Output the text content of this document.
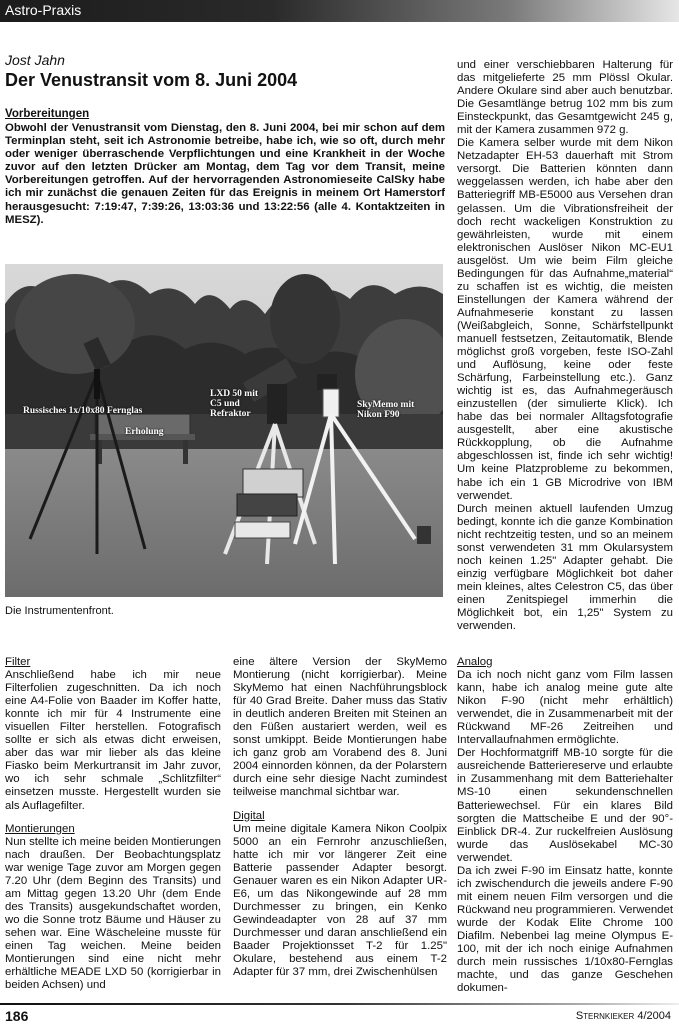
Astro-Praxis
Jost Jahn
Der Venustransit vom 8. Juni 2004
Vorbereitungen

Obwohl der Venustransit vom Dienstag, den 8. Juni 2004, bei mir schon auf dem Terminplan steht, seit ich Astronomie betreibe, habe ich, wie so oft, durch mehr oder weniger überraschende Verpflichtungen und eine Krankheit in der Woche zuvor auf den letzten Drücker am Montag, dem Tag vor dem Transit, meine Vorbereitungen getroffen. Auf der hervorragenden Astronomieseite CalSky habe ich mir zunächst die genauen Zeiten für das Ereignis in meinem Ort Hamerstorf herausgesucht: 7:19:47, 7:39:26, 13:03:36 und 13:22:56 (alle 4. Kontaktzeiten in MESZ).

Russisches 1x/10x80 Fernglas
Erholung
LXD 50 mit C5 und Refraktor
SkyMemo mit Nikon F90
Die Instrumentenfront.

und einer verschiebbaren Halterung für das mitgelieferte 25 mm Plössl Okular. Andere Okulare sind aber auch benutzbar. Die Gesamtlänge betrug 102 mm bis zum Einsteckpunkt, das Gesamtgewicht 245 g, mit der Kamera zusammen 972 g.

Die Kamera selber wurde mit dem Nikon Netzadapter EH-53 dauerhaft mit Strom versorgt. Die Batterien könnten dann weggelassen werden, ich habe aber den Batteriegriff MB-E5000 aus Versehen dran gelassen. Um die Vibrationsfreiheit der doch recht wackeligen Konstruktion zu gewährleisten, wurde mit einem elektronischen Auslöser Nikon MC-EU1 ausgelöst. Um wie beim Film gleiche Bedingungen für das Aufnahme„material“ zu schaffen ist es wichtig, die meisten Einstellungen der Kamera während der Aufnahmeserie konstant zu lassen (Weißabgleich, Sonne, Schärfstellpunkt manuell festsetzen, Zeitautomatik, Blende möglichst groß vorgeben, feste ISO-Zahl und Auflösung, keine oder feste Schärfung, Farbeinstellung etc.). Ganz wichtig ist es, das Aufnahmegeräusch einzustellen (der simulierte Klick). Ich habe das bei normaler Alltagsfotografie ausgestellt, aber eine akustische Rückkopplung, ob die Aufnahme abgeschlossen ist, finde ich sehr wichtig! Um keine Platzprobleme zu bekommen, habe ich ein 1 GB Microdrive von IBM verwendet.

Durch meinen aktuell laufenden Umzug bedingt, konnte ich die ganze Kombination nicht rechtzeitig testen, und so an meinem sonst verwendeten 31 mm Okularsystem noch keinen 1.25" Adapter gehabt. Die einzig verfügbare Möglichkeit bot daher mein kleines, altes Celestron C5, das über einen Zenitspiegel immerhin die Möglichkeit bot, ein 1,25" System zu verwenden.

Filter

Anschließend habe ich mir neue Filterfolien zugeschnitten. Da ich noch eine A4-Folie von Baader im Koffer hatte, konnte ich mir für 4 Instrumente eine visuellen Filter herstellen. Fotografisch sollte er sich als etwas dicht erweisen, aber das war mir lieber als das kleine Fiasko beim Merkurtransit im Jahr zuvor, wo ich sehr schmale „Schlitzfilter“ einsetzen musste. Hergestellt wurden sie als Auflagefilter.

Montierungen

Nun stellte ich meine beiden Montierungen nach draußen. Der Beobachtungsplatz war wenige Tage zuvor am Morgen gegen 7.20 Uhr (dem Beginn des Transits) und am Mittag gegen 13.20 Uhr (dem Ende des Transits) ausgekundschaftet worden, wo die Sonne trotz Bäume und Häuser zu sehen war. Eine Wäscheleine musste für einen Tag weichen. Meine beiden Montierungen sind eine nicht mehr erhältliche MEADE LXD 50 (korrigierbar in beiden Achsen) und

eine ältere Version der SkyMemo Montierung (nicht korrigierbar). Meine SkyMemo hat einen Nachführungsblock für 40 Grad Breite. Daher muss das Stativ in deutlich anderen Breiten mit Steinen an den Füßen austariert werden, weil es sonst umkippt. Beide Montierungen habe ich ganz grob am Vorabend des 8. Juni 2004 einnorden können, da der Polarstern durch eine sehr diesige Nacht zumindest teilweise manchmal sichtbar war.

Digital

Um meine digitale Kamera Nikon Coolpix 5000 an ein Fernrohr anzuschließen, hatte ich mir vor längerer Zeit eine Batterie passender Adapter besorgt. Genauer waren es ein Nikon Adapter UR-E6, um das Nikongewinde auf 28 mm Durchmesser zu bringen, ein Kenko Gewindeadapter von 28 auf 37 mm Durchmesser und daran anschließend ein Baader Projektionsset T-2 für 1.25" Okulare, bestehend aus einem T-2 Adapter für 37 mm, drei Zwischenhülsen

Analog

Da ich noch nicht ganz vom Film lassen kann, habe ich analog meine gute alte Nikon F-90 (nicht mehr erhältlich) verwendet, die in Zusammenarbeit mit der Rückwand MF-26 Zeitreihen und Intervallaufnahmen ermöglichte.

Der Hochformatgriff MB-10 sorgte für die ausreichende Batteriereserve und erlaubte in Zusammenhang mit dem Batteriehalter MS-10 einen sekundenschnellen Batteriewechsel. Für ein klares Bild sorgten die Mattscheibe E und der 90°-Einblick DR-4. Zur ruckelfreien Auslösung wurde das Auslösekabel MC-30 verwendet.

Da ich zwei F-90 im Einsatz hatte, konnte ich zwischendurch die jeweils andere F-90 mit einem neuen Film versorgen und die Rückwand neu programmieren. Verwendet wurde der Kodak Elite Chrome 100 Diafilm. Nebenbei lag meine Olympus E-100, mit der ich noch einige Aufnahmen durch mein russisches 1/10x80-Fernglas machte, und das ganze Geschehen dokumen-

186	Sternkieker 4/2004
